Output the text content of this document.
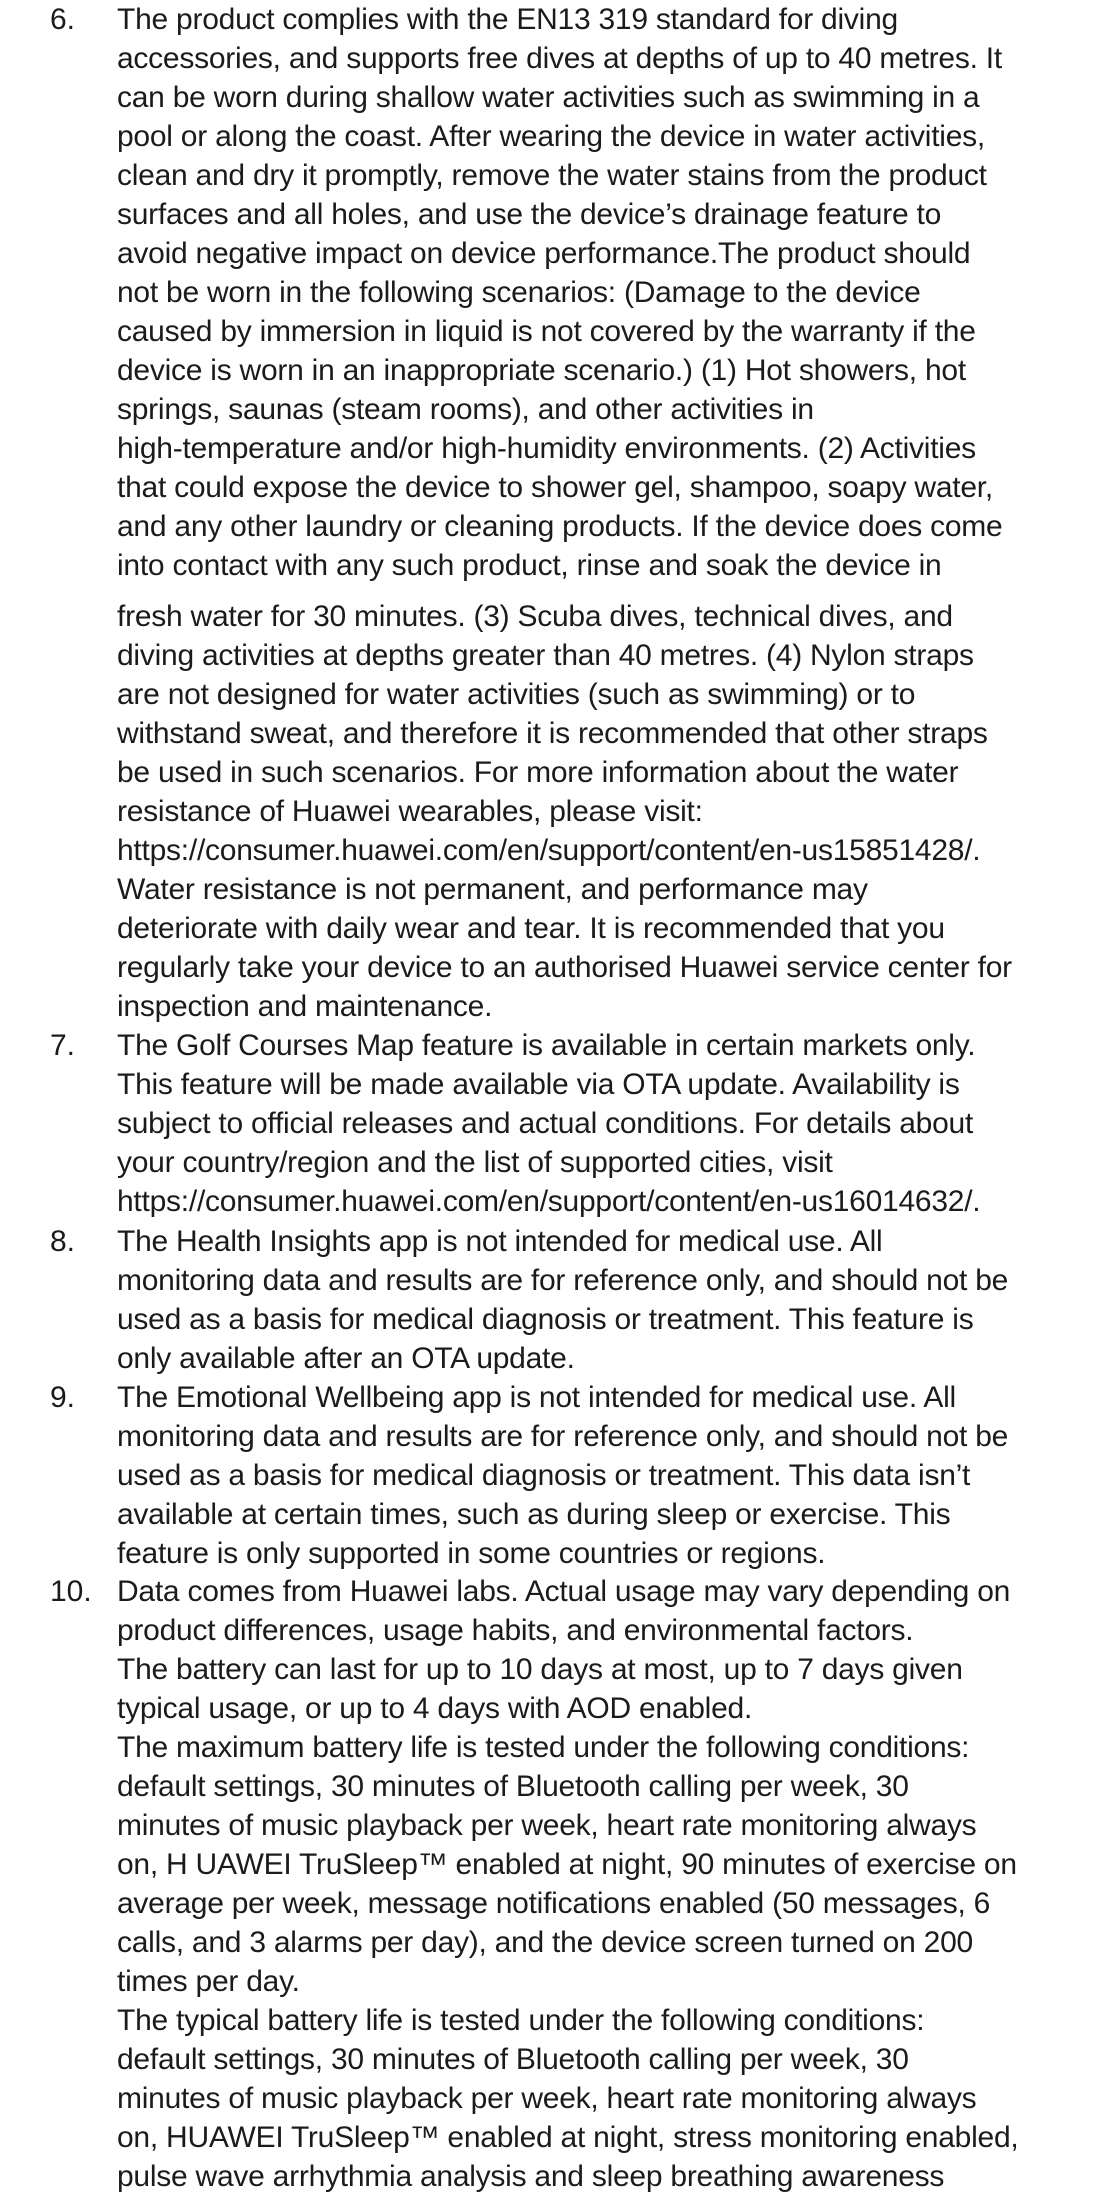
6. The product complies with the EN13 319 standard for diving
accessories, and supports free dives at depths of up to 40 metres. It
can be worn during shallow water activities such as swimming in a
pool or along the coast. After wearing the device in water activities,
clean and dry it promptly, remove the water stains from the product
surfaces and all holes, and use the device’s drainage feature to
avoid negative impact on device performance.The product should
not be worn in the following scenarios: (Damage to the device
caused by immersion in liquid is not covered by the warranty if the
device is worn in an inappropriate scenario.) (1) Hot showers, hot
springs, saunas (steam rooms), and other activities in
high-temperature and/or high-humidity environments. (2) Activities
that could expose the device to shower gel, shampoo, soapy water,
and any other laundry or cleaning products. If the device does come
into contact with any such product, rinse and soak the device in
fresh water for 30 minutes. (3) Scuba dives, technical dives, and
diving activities at depths greater than 40 metres. (4) Nylon straps
are not designed for water activities (such as swimming) or to
withstand sweat, and therefore it is recommended that other straps
be used in such scenarios. For more information about the water
resistance of Huawei wearables, please visit:
https://consumer.huawei.com/en/support/content/en-us15851428/.
Water resistance is not permanent, and performance may
deteriorate with daily wear and tear. It is recommended that you
regularly take your device to an authorised Huawei service center for
inspection and maintenance.
7. The Golf Courses Map feature is available in certain markets only.
This feature will be made available via OTA update. Availability is
subject to official releases and actual conditions. For details about
your country/region and the list of supported cities, visit
https://consumer.huawei.com/en/support/content/en-us16014632/.
8. The Health Insights app is not intended for medical use. All
monitoring data and results are for reference only, and should not be
used as a basis for medical diagnosis or treatment. This feature is
only available after an OTA update.
9. The Emotional Wellbeing app is not intended for medical use. All
monitoring data and results are for reference only, and should not be
used as a basis for medical diagnosis or treatment. This data isn’t
available at certain times, such as during sleep or exercise. This
feature is only supported in some countries or regions.
10. Data comes from Huawei labs. Actual usage may vary depending on
product differences, usage habits, and environmental factors.
The battery can last for up to 10 days at most, up to 7 days given
typical usage, or up to 4 days with AOD enabled.
The maximum battery life is tested under the following conditions:
default settings, 30 minutes of Bluetooth calling per week, 30
minutes of music playback per week, heart rate monitoring always
on, H UAWEI TruSleep™ enabled at night, 90 minutes of exercise on
average per week, message notifications enabled (50 messages, 6
calls, and 3 alarms per day), and the device screen turned on 200
times per day.
The typical battery life is tested under the following conditions:
default settings, 30 minutes of Bluetooth calling per week, 30
minutes of music playback per week, heart rate monitoring always
on, HUAWEI TruSleep™ enabled at night, stress monitoring enabled,
pulse wave arrhythmia analysis and sleep breathing awareness
